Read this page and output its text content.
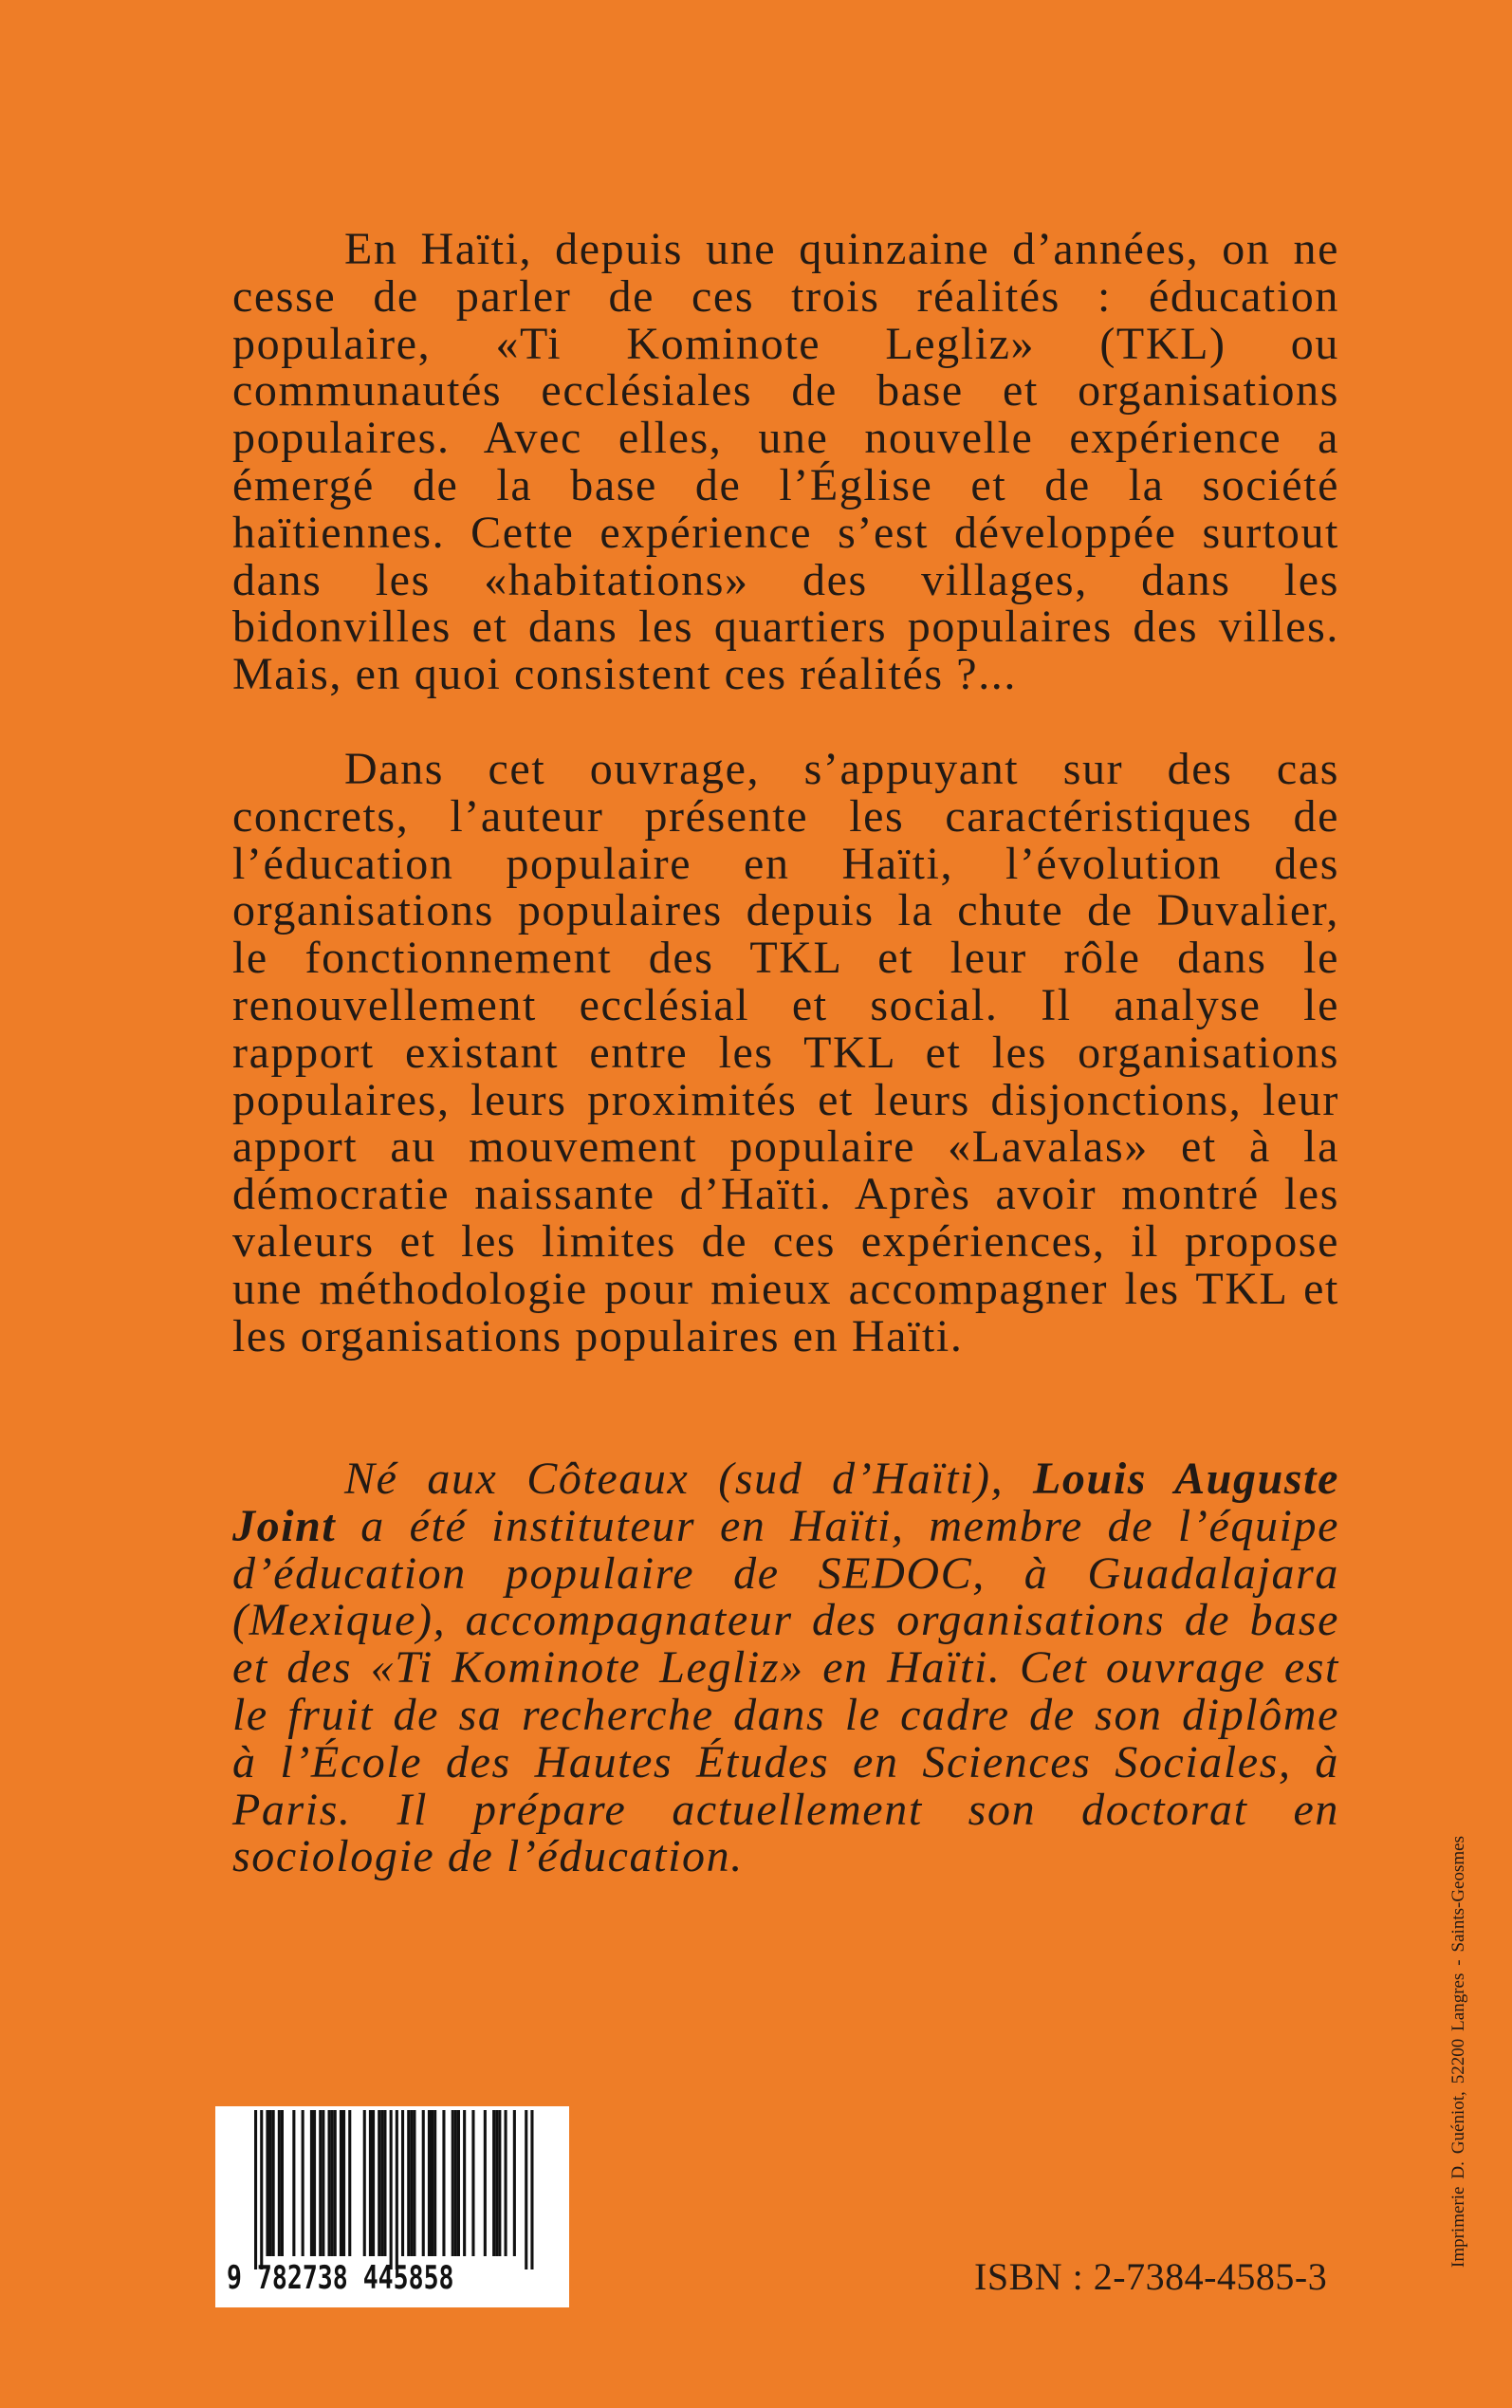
En Haïti, depuis une quinzaine d’années, on ne
cesse de parler de ces trois réalités : éducation
populaire, «Ti Kominote Legliz» (TKL) ou
communautés ecclésiales de base et organisations
populaires. Avec elles, une nouvelle expérience a
émergé de la base de l’Église et de la société
haïtiennes. Cette expérience s’est développée surtout
dans les «habitations» des villages, dans les
bidonvilles et dans les quartiers populaires des villes.
Mais, en quoi consistent ces réalités ?...
Dans cet ouvrage, s’appuyant sur des cas
concrets, l’auteur présente les caractéristiques de
l’éducation populaire en Haïti, l’évolution des
organisations populaires depuis la chute de Duvalier,
le fonctionnement des TKL et leur rôle dans le
renouvellement ecclésial et social. Il analyse le
rapport existant entre les TKL et les organisations
populaires, leurs proximités et leurs disjonctions, leur
apport au mouvement populaire «Lavalas» et à la
démocratie naissante d’Haïti. Après avoir montré les
valeurs et les limites de ces expériences, il propose
une méthodologie pour mieux accompagner les TKL et
les organisations populaires en Haïti.
Né aux Côteaux (sud d’Haïti), Louis Auguste
Joint a été instituteur en Haïti, membre de l’équipe
d’éducation populaire de SEDOC, à Guadalajara
(Mexique), accompagnateur des organisations de base
et des «Ti Kominote Legliz» en Haïti. Cet ouvrage est
le fruit de sa recherche dans le cadre de son diplôme
à l’École des Hautes Études en Sciences Sociales, à
Paris. Il prépare actuellement son doctorat en
sociologie de l’éducation.
9 782738 445858	ISBN : 2-7384-4585-3
Imprimerie D. Guéniot, 52200 Langres - Saints-Geosmes
